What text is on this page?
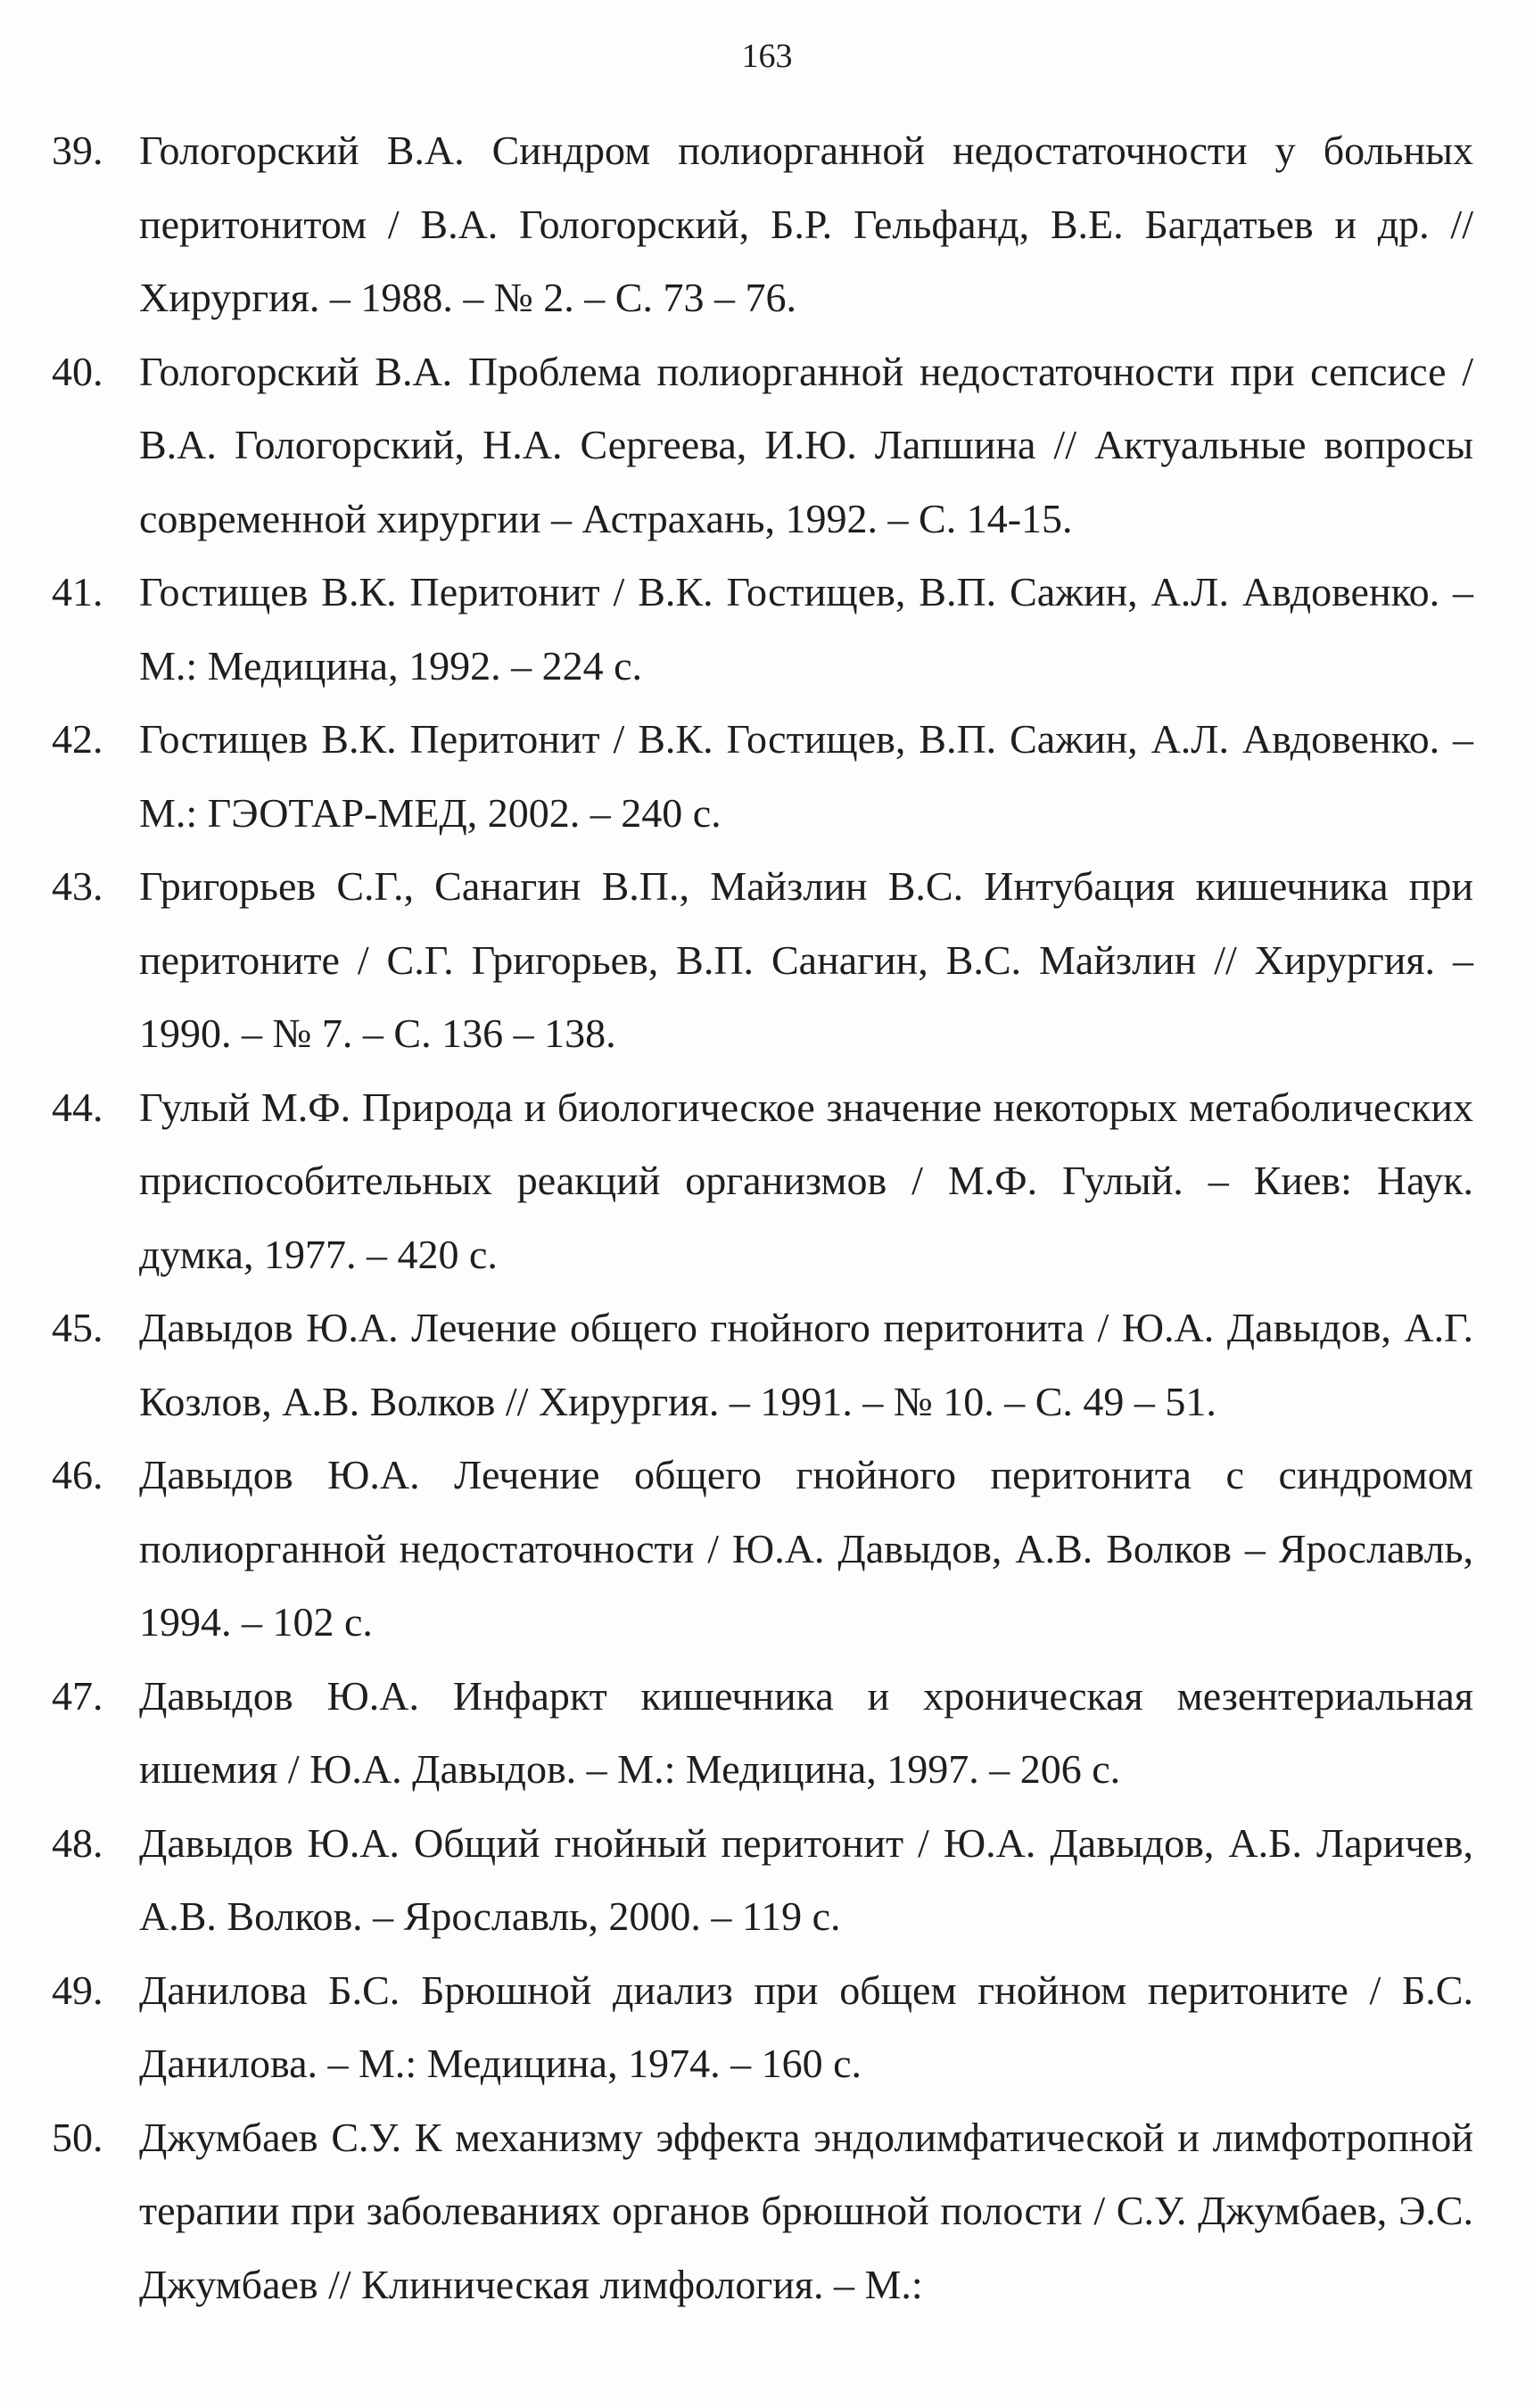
163
39. Гологорский В.А. Синдром полиорганной недостаточности у больных перитонитом / В.А. Гологорский, Б.Р. Гельфанд, В.Е. Багдатьев и др. // Хирургия. – 1988. – № 2. – С. 73 – 76.
40. Гологорский В.А. Проблема полиорганной недостаточности при сепсисе / В.А. Гологорский, Н.А. Сергеева, И.Ю. Лапшина // Актуальные вопросы современной хирургии – Астрахань, 1992. – С. 14-15.
41. Гостищев В.К. Перитонит / В.К. Гостищев, В.П. Сажин, А.Л. Авдовенко. – М.: Медицина, 1992. – 224 с.
42. Гостищев В.К. Перитонит / В.К. Гостищев, В.П. Сажин, А.Л. Авдовенко. – М.: ГЭОТАР-МЕД, 2002. – 240 с.
43. Григорьев С.Г., Санагин В.П., Майзлин В.С. Интубация кишечника при перитоните / С.Г. Григорьев, В.П. Санагин, В.С. Майзлин // Хирургия. – 1990. – № 7. – С. 136 – 138.
44. Гулый М.Ф. Природа и биологическое значение некоторых метаболических приспособительных реакций организмов / М.Ф. Гулый. – Киев: Наук. думка, 1977. – 420 с.
45. Давыдов Ю.А. Лечение общего гнойного перитонита / Ю.А. Давыдов, А.Г. Козлов, А.В. Волков // Хирургия. – 1991. – № 10. – С. 49 – 51.
46. Давыдов Ю.А. Лечение общего гнойного перитонита с синдромом полиорганной недостаточности / Ю.А. Давыдов, А.В. Волков – Ярославль, 1994. – 102 с.
47. Давыдов Ю.А. Инфаркт кишечника и хроническая мезентериальная ишемия / Ю.А. Давыдов. – М.: Медицина, 1997. – 206 с.
48. Давыдов Ю.А. Общий гнойный перитонит / Ю.А. Давыдов, А.Б. Ларичев, А.В. Волков. – Ярославль, 2000. – 119 с.
49. Данилова Б.С. Брюшной диализ при общем гнойном перитоните / Б.С. Данилова. – М.: Медицина, 1974. – 160 с.
50. Джумбаев С.У. К механизму эффекта эндолимфатической и лимфотропной терапии при заболеваниях органов брюшной полости / С.У. Джумбаев, Э.С. Джумбаев // Клиническая лимфология. – М.:
